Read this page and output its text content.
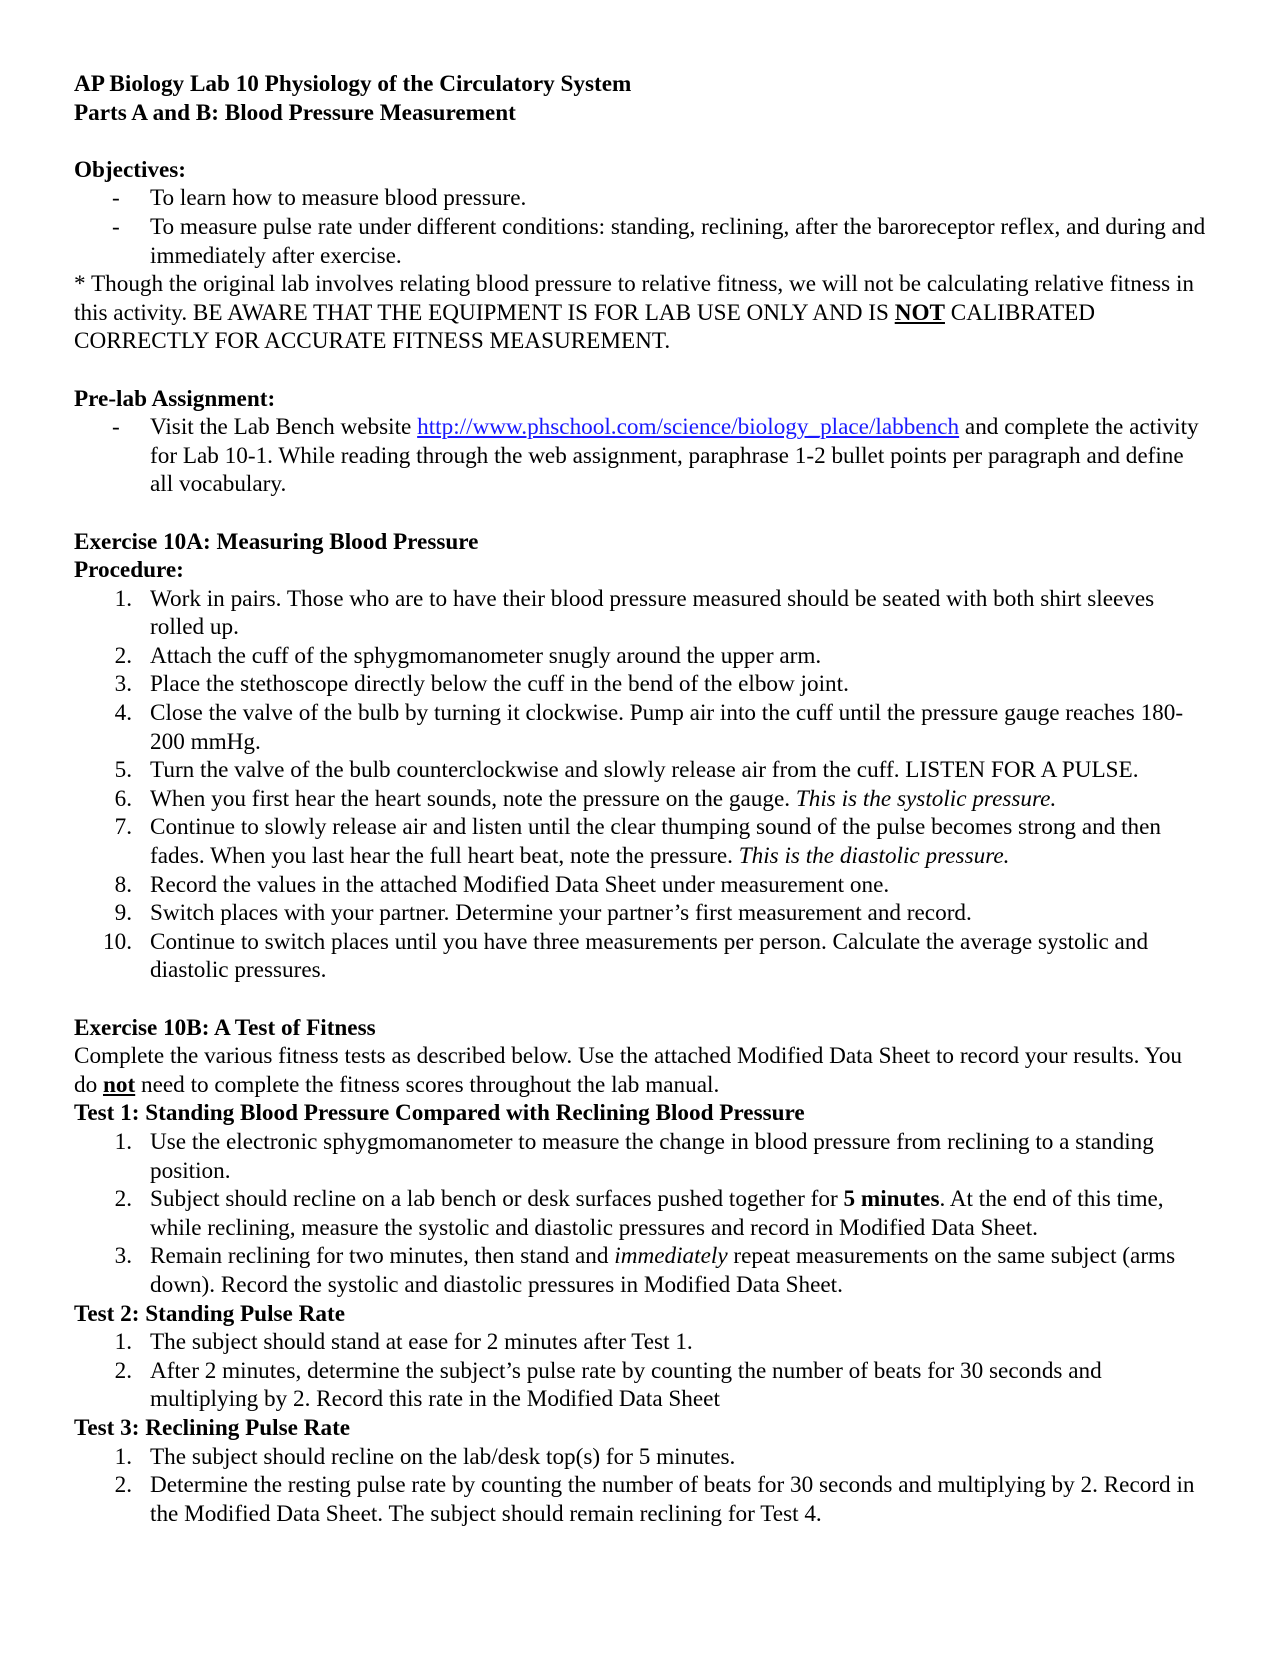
AP Biology Lab 10 Physiology of the Circulatory System

Parts A and B: Blood Pressure Measurement

Objectives:

- To learn how to measure blood pressure.
- To measure pulse rate under different conditions: standing, reclining, after the baroreceptor reflex, and during and immediately after exercise.

* Though the original lab involves relating blood pressure to relative fitness, we will not be calculating relative fitness in this activity. BE AWARE THAT THE EQUIPMENT IS FOR LAB USE ONLY AND IS NOT CALIBRATED CORRECTLY FOR ACCURATE FITNESS MEASUREMENT.

Pre-lab Assignment:

- Visit the Lab Bench website http://www.phschool.com/science/biology_place/labbench and complete the activity for Lab 10-1. While reading through the web assignment, paraphrase 1-2 bullet points per paragraph and define all vocabulary.

Exercise 10A: Measuring Blood Pressure

Procedure:

1. Work in pairs. Those who are to have their blood pressure measured should be seated with both shirt sleeves rolled up.
2. Attach the cuff of the sphygmomanometer snugly around the upper arm.
3. Place the stethoscope directly below the cuff in the bend of the elbow joint.
4. Close the valve of the bulb by turning it clockwise. Pump air into the cuff until the pressure gauge reaches 180-200 mmHg.
5. Turn the valve of the bulb counterclockwise and slowly release air from the cuff. LISTEN FOR A PULSE.
6. When you first hear the heart sounds, note the pressure on the gauge. This is the systolic pressure.
7. Continue to slowly release air and listen until the clear thumping sound of the pulse becomes strong and then fades. When you last hear the full heart beat, note the pressure. This is the diastolic pressure.
8. Record the values in the attached Modified Data Sheet under measurement one.
9. Switch places with your partner. Determine your partner’s first measurement and record.
10. Continue to switch places until you have three measurements per person. Calculate the average systolic and diastolic pressures.

Exercise 10B: A Test of Fitness

Complete the various fitness tests as described below. Use the attached Modified Data Sheet to record your results. You do not need to complete the fitness scores throughout the lab manual.

Test 1: Standing Blood Pressure Compared with Reclining Blood Pressure

1. Use the electronic sphygmomanometer to measure the change in blood pressure from reclining to a standing position.
2. Subject should recline on a lab bench or desk surfaces pushed together for 5 minutes. At the end of this time, while reclining, measure the systolic and diastolic pressures and record in Modified Data Sheet.
3. Remain reclining for two minutes, then stand and immediately repeat measurements on the same subject (arms down). Record the systolic and diastolic pressures in Modified Data Sheet.

Test 2: Standing Pulse Rate

1. The subject should stand at ease for 2 minutes after Test 1.
2. After 2 minutes, determine the subject’s pulse rate by counting the number of beats for 30 seconds and multiplying by 2. Record this rate in the Modified Data Sheet

Test 3: Reclining Pulse Rate

1. The subject should recline on the lab/desk top(s) for 5 minutes.
2. Determine the resting pulse rate by counting the number of beats for 30 seconds and multiplying by 2. Record in the Modified Data Sheet. The subject should remain reclining for Test 4.
